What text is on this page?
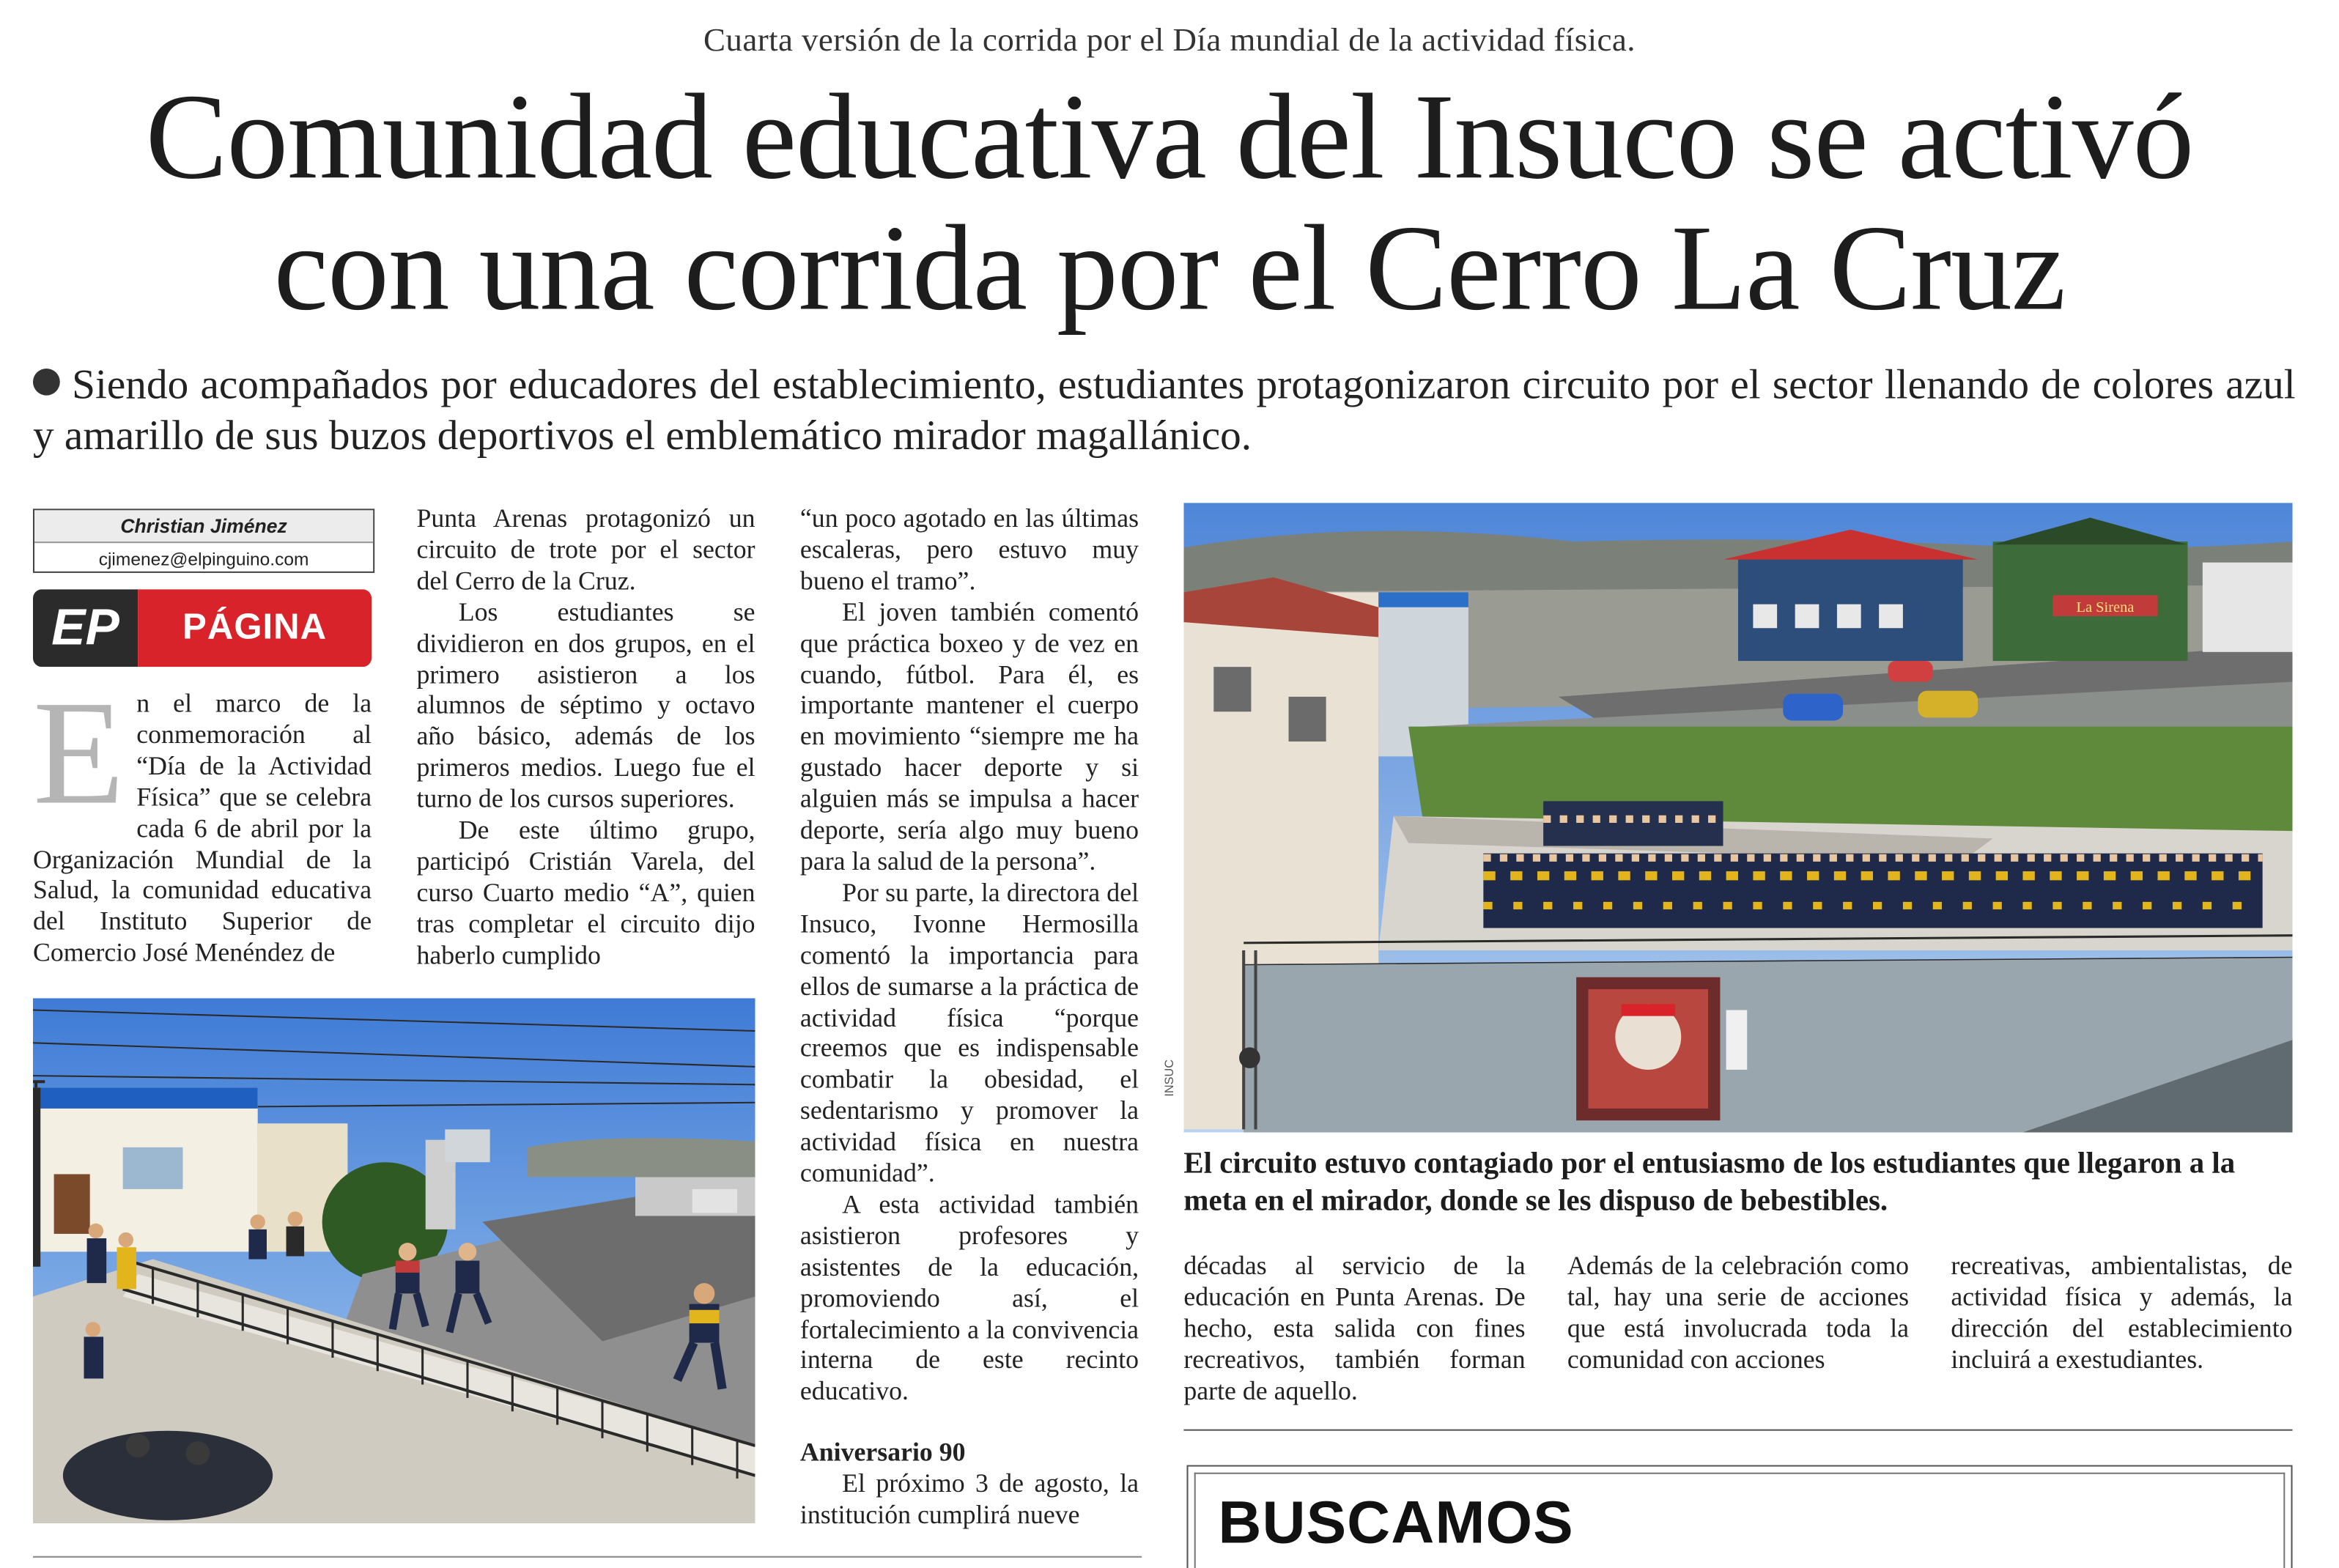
Cuarta versión de la corrida por el Día mundial de la actividad física.
Comunidad educativa del Insuco se activó
con una corrida por el Cerro La Cruz
Siendo acompañados por educadores del establecimiento, estudiantes protagonizaron circuito por el sector llenando de colores azul y amarillo de sus buzos deportivos el emblemático mirador magallánico.
Christian Jiménez
cjimenez@elpinguino.com
EP	PÁGINA
En el marco de la conmemoración al “Día de la Actividad Física” que se celebra cada 6 de abril por la Organización Mundial de la Salud, la comunidad educativa del Instituto Superior de Comercio José Menéndez de

Punta Arenas protagonizó un circuito de trote por el sector del Cerro de la Cruz.

Los estudiantes se dividieron en dos grupos, en el primero asistieron a los alumnos de séptimo y octavo año básico, además de los primeros medios. Luego fue el turno de los cursos superiores.

De este último grupo, participó Cristián Varela, del curso Cuarto medio “A”, quien tras completar el circuito dijo haberlo cumplido

“un poco agotado en las últimas escaleras, pero estuvo muy bueno el tramo”.

El joven también comentó que práctica boxeo y de vez en cuando, fútbol. Para él, es importante mantener el cuerpo en movimiento “siempre me ha gustado hacer deporte y si alguien más se impulsa a hacer deporte, sería algo muy bueno para la salud de la persona”.

Por su parte, la directora del Insuco, Ivonne Hermosilla comentó la importancia para ellos de sumarse a la práctica de actividad física “porque creemos que es indispensable combatir la obesidad, el sedentarismo y promover la actividad física en nuestra comunidad”.

A esta actividad también asistieron profesores y asistentes de la educación, promoviendo así, el fortalecimiento a la convivencia interna de este recinto educativo.

Aniversario 90

El próximo 3 de agosto, la institución cumplirá nueve

La Sirena
INSUC
El circuito estuvo contagiado por el entusiasmo de los estudiantes que llegaron a la meta en el mirador, donde se les dispuso de bebestibles.

décadas al servicio de la educación en Punta Arenas. De hecho, esta salida con fines recreativos, también forman parte de aquello.

Además de la celebración como tal, hay una serie de acciones que está involucrada toda la comunidad con acciones

recreativas, ambientalistas, de actividad física y además, la dirección del establecimiento incluirá a exestudiantes.

BUSCAMOS
